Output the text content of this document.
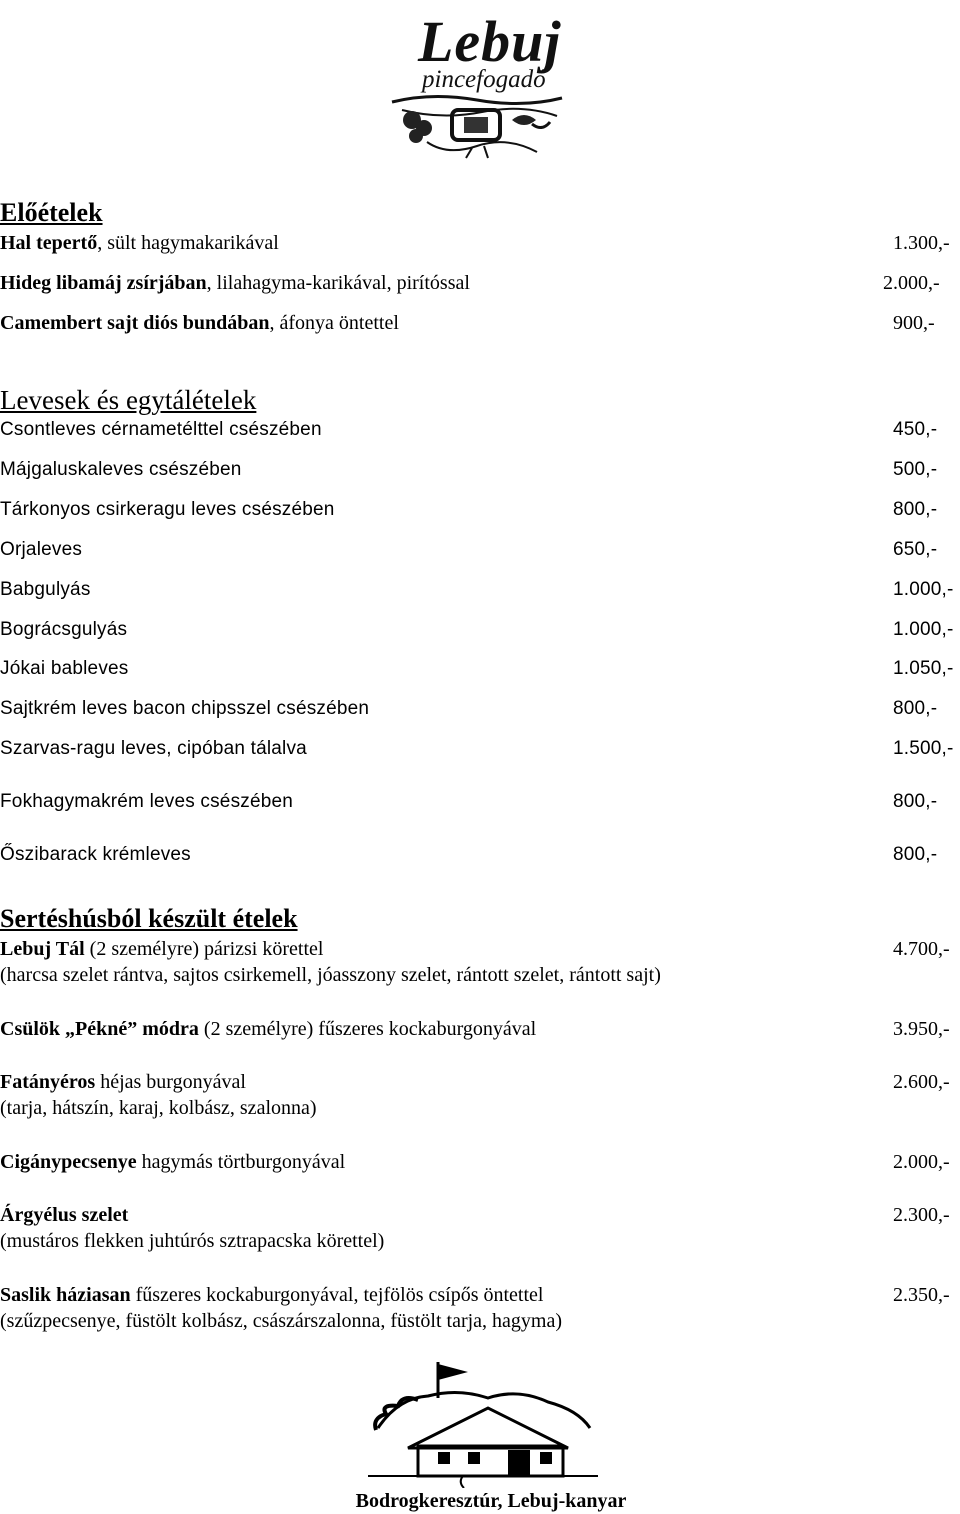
Lebuj
pincefogadó
Előételek
Hal tepertő, sült hagymakarikával	1.300,-
Hideg libamáj zsírjában, lilahagyma-karikával, pirítóssal	2.000,-
Camembert sajt diós bundában, áfonya öntettel	900,-
Levesek és egytálételek
Csontleves cérnametélttel csészében	450,-
Májgaluskaleves csészében	500,-
Tárkonyos csirkeragu leves csészében	800,-
Orjaleves	650,-
Babgulyás	1.000,-
Bográcsgulyás	1.000,-
Jókai bableves	1.050,-
Sajtkrém leves bacon chipsszel csészében	800,-
Szarvas-ragu leves, cipóban tálalva	1.500,-
Fokhagymakrém leves csészében	800,-
Őszibarack krémleves	800,-
Sertéshúsból készült ételek
Lebuj Tál (2 személyre) párizsi körettel	4.700,-
(harcsa szelet rántva, sajtos csirkemell, jóasszony szelet, rántott szelet, rántott sajt)
Csülök „Pékné” módra (2 személyre) fűszeres kockaburgonyával	3.950,-
Fatányéros héjas burgonyával	2.600,-
(tarja, hátszín, karaj, kolbász, szalonna)
Cigánypecsenye hagymás törtburgonyával	2.000,-
Árgyélus szelet	2.300,-
(mustáros flekken juhtúrós sztrapacska körettel)
Saslik háziasan fűszeres kockaburgonyával, tejfölös csípős öntettel	2.350,-
(szűzpecsenye, füstölt kolbász, császárszalonna, füstölt tarja, hagyma)
Bodrogkeresztúr, Lebuj-kanyar
